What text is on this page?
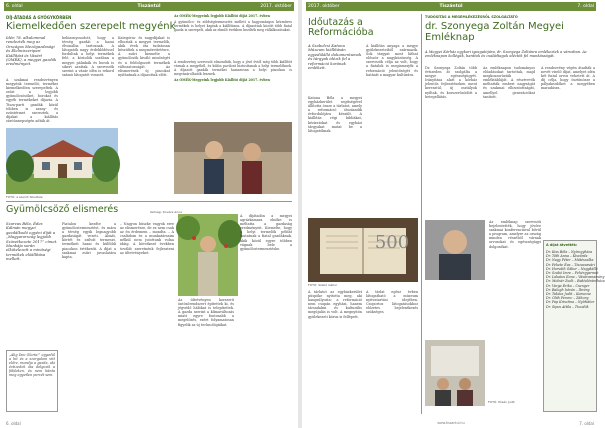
6. oldal	Tiszántúl	2017. október
DÍJ-ÁTADÁS A GYÓGYKÖRBEN
Kiemelkedően szerepelt megyénk
Idén 78. alkalommal rendezték meg az Országos Mezőgazdasági és Élelmiszeripari Kiállítást és Vásárt (OMÉK), a megyei gazdák eredményeit.
A szakmai rendezvényen megyénk termelői, termékei kiemelkedően szerepeltek. A zsűri a legjobb gyümölcsösöket, borokat és egyéb termékeket díjazta. A Tisza-parti gazdák közül többen is arany- és ezüstérmet szereztek, a díjakat a kiállítás záróünnepségén adták át.
bebizonyosodott, hogy a térség gazdái a hazai élvonalba tartoznak. A látogatók nagy érdeklődéssel fordultak a helyi termékek felé, a kóstolók sorában a megyei pálinkák és borok is sikert arattak. A szervezők szerint a vásár idén is rekord számú látogatót vonzott.
Kategória- és nagydíjakat is elhoztak a megyei termelők, akik évek óta tudatosan készültek a megmérettetésre. A zsűri kiemelte a gyümölcsök kiváló minőségét és a feldolgozott termékek változatosságát. Az elismerések új piacokat nyithatnak a díjazottak előtt.

Az OMÉK-Megyeink legjobb Kiállító díját 2017. évben

A gyümölcs- és zöldségtermesztés mellett a hagyományos kézműves termékek is helyet kaptak a kiállításon. A díjazottak között több fiatal gazda is szerepelt, akik az elmúlt években kezdték meg vállalkozásukat.

FOTÓ: a szerző felvétele

A rendezvény szervezői elmondták, hogy a jövő évtől még több kiállítót várnak a megyéből, és külön pavilont biztosítanak a helyi termelőknek. A díjazott gazdák termékei hamarosan a helyi piacokon is megvásárolhatók lesznek.

Az OMÉK-Megyeink legjobb Kiállító díját 2017. évben

Gyümölcsöző elismerés	Szöveg: Kovács Anna
Szarvas Béla, Édes Kálmán megyei gazdálkodó egyéni díját a „Magyarország legjobb Szövetkezete 2017” címet. Munkája során elkötelezett a minőségi termékek előállítása mellett.
„Alig Deo Gloria!” egyedül a hit és a szorgalom vitt előre, mondja a gazda, aki évtizedek óta dolgozik a földeken, és nem bánta meg egyetlen percét sem.
Fiatalon kezdte a gyümölcstermesztést, és mára a térség egyik legnagyobb gazdaságát vezeti. Almát, körtét és szilvát termeszt, termékeit hazai és külföldi piacokon értékesíti. A díjat a szakmai zsűri javaslatára kapta.
– Nagyon büszke vagyok erre az elismerésre, de ez nem csak az én érdemem – mondta. – A családom és a munkatársaim nélkül nem jutottunk volna idáig. A következő években tovább szeretnénk fejleszteni az ültetvényeket.
Az ültetvényen korszerű öntözőrendszert építettek ki, és jégvédő hálókat is telepítettek. A gazda szerint a klímaváltozás miatt egyre fontosabb a megelőzés, ezért folyamatosan figyelik az új technológiákat.
A díjátadón a megyei agrárkamara elnöke is méltatta a gazdaság eredményeit. Kiemelte, hogy a helyi termelők példát mutatnak a fiatal gazdáknak, akik közül egyre többen vágnak bele a gyümölcstermesztésbe.
6. oldal
2017. október	Tiszántúl	7. oldal
Időutazás a Reformációba
A Szabolcsi Katona Múzeum kiállításán egyedülálló dokumentumok és tárgyak idézik fel a reformáció korának emlékeit.
Katona Béla a megyei egyházkerület segítségével állította össze a tárlatot, amely a reformáció ötszázadik évfordulójára készült. A kiállítás régi bibliákat, kéziratokat és egyházi tárgyakat mutat be a látogatóknak.
A kiállítás anyaga a megye gyülekezeteiből származik. Sok tárgyat most láthat először a nagyközönség. A szervezők célja az volt, hogy a fiatalok is megismerjék a reformáció jelentőségét és hatását a magyar kultúrára.
FOTÓ: Szabó Gábor
500
A tárlatot az egyházkerület püspöke nyitotta meg, aki hangsúlyozta: a reformáció nem csupán egyházi, hanem társadalmi és kulturális megújulás is volt. A megnyitón gyülekezeti kórus is fellépett.

A tárlat egész évben látogatható a múzeum nyitvatartási idejében. Csoportos látogatásokhoz előzetes bejelentkezés szükséges.

TUDÓSÍTÁS A MEGEMLÉKEZÉSRŐL SZOLGÁLTATÓ
dr. Szonyega Zoltán Megyei Emléknap
A Megyei Kórház egykori igazgatójára, dr. Szonyega Zoltánra emlékeztek a városban. Az emléknapon kollégák, barátok és családtagok idézték fel munkásságát.
Dr. Szonyega Zoltán több évtizeden át szolgálta a megye egészségügyét. Irányítása alatt a kórház jelentős fejlesztéseken ment keresztül, új osztályok nyíltak, és korszerűsödött a betegellátás.
Az emléknapon tudományos előadásokat tartottak, majd megkoszorúzták emléktábláját. A résztvevők méltatták emberi nagyságát és szakmai elhivatottságát, amellyel generációkat tanított.
A rendezvény végén átadták a nevét viselő díjat, amelyet idén két fiatal orvos vehetett át. A díj célja, hogy ösztönözze a pályakezdőket a megyében maradásra.
FOTÓ: Pósán Judit

Az emléknap szervezői bejelentették, hogy jövőre szakmai konferenciával bővül a program, amelyre az ország minden részéből várnak orvosokat és egészségügyi dolgozókat.	A díjat átvették:
Dr. Kiss Béla – Nyíregyháza
Dr. Tóth Anna – Kisvárda
Dr. Nagy Péter – Mátészalka
Dr. Fekete Éva – Tiszavasvári
Dr. Horváth Gábor – Nagykálló
Dr. Szabó Imre – Fehérgyarmat
Dr. Lakatos Ilona – Vásárosnamény
Dr. Molnár Zsolt – Baktalórántháza
Dr. Varga Erika – Csenger
Dr. Balogh István – Ibrány
Dr. Takács Judit – Kemecse
Dr. Oláh Ferenc – Záhony
Dr. Pap Krisztina – Nyírbátor
Dr. Sipos Attila – Tiszalök
www.tiszantul.hu	7. oldal
